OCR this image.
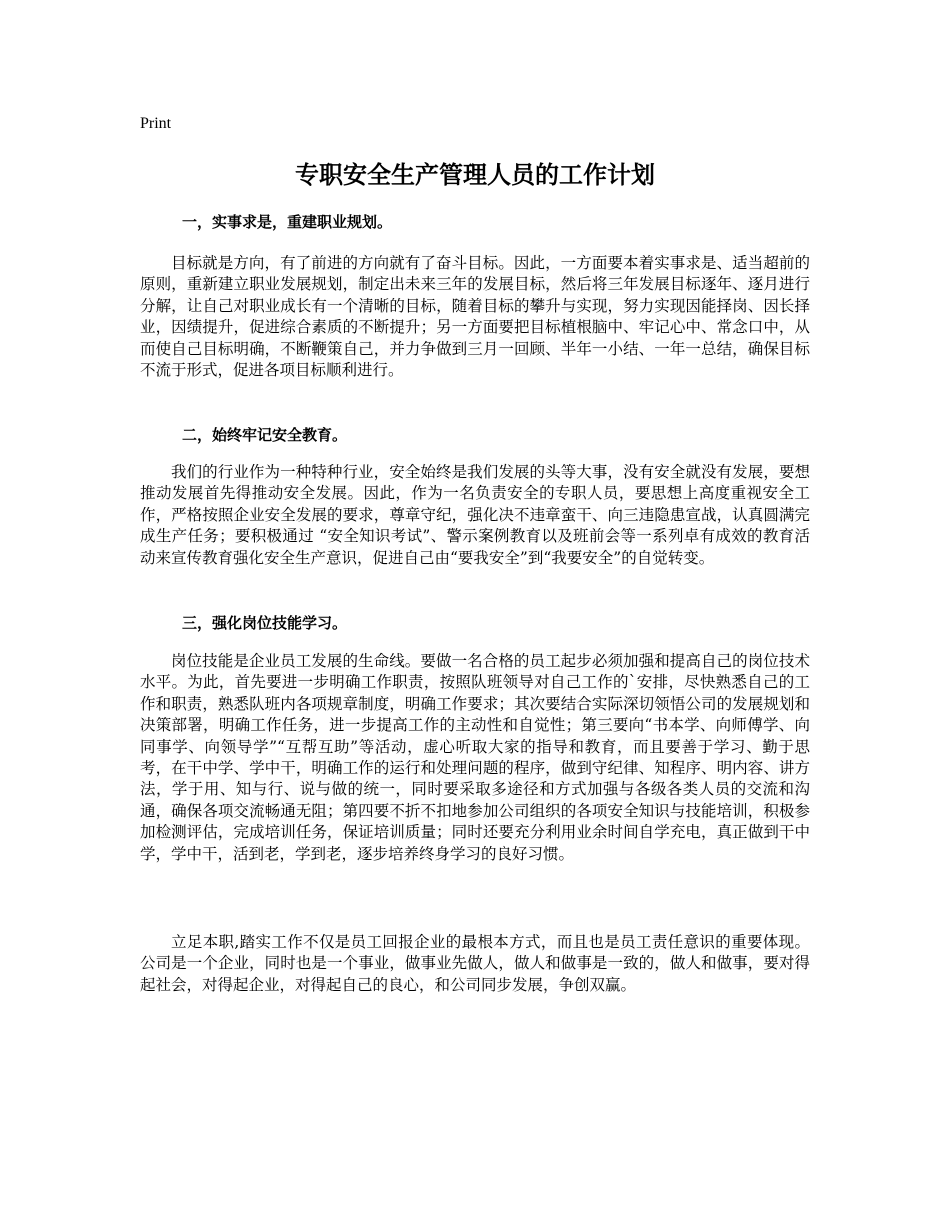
Print
专职安全生产管理人员的工作计划
一，实事求是，重建职业规划。

目标就是方向，有了前进的方向就有了奋斗目标。因此，一方面要本着实事求是、适当超前的原则，重新建立职业发展规划，制定出未来三年的发展目标，然后将三年发展目标逐年、逐月进行分解，让自己对职业成长有一个清晰的目标，随着目标的攀升与实现，努力实现因能择岗、因长择业，因绩提升，促进综合素质的不断提升；另一方面要把目标植根脑中、牢记心中、常念口中，从而使自己目标明确，不断鞭策自己，并力争做到三月一回顾、半年一小结、一年一总结，确保目标不流于形式，促进各项目标顺利进行。

二，始终牢记安全教育。

我们的行业作为一种特种行业，安全始终是我们发展的头等大事，没有安全就没有发展，要想推动发展首先得推动安全发展。因此，作为一名负责安全的专职人员，要思想上高度重视安全工作，严格按照企业安全发展的要求，尊章守纪，强化决不违章蛮干、向三违隐患宣战，认真圆满完成生产任务；要积极通过 “安全知识考试”、警示案例教育以及班前会等一系列卓有成效的教育活动来宣传教育强化安全生产意识，促进自己由“要我安全”到“我要安全”的自觉转变。

三，强化岗位技能学习。

岗位技能是企业员工发展的生命线。要做一名合格的员工起步必须加强和提高自己的岗位技术水平。为此，首先要进一步明确工作职责，按照队班领导对自己工作的`安排，尽快熟悉自己的工作和职责，熟悉队班内各项规章制度，明确工作要求；其次要结合实际深切领悟公司的发展规划和决策部署，明确工作任务，进一步提高工作的主动性和自觉性；第三要向“书本学、向师傅学、向同事学、向领导学”“互帮互助”等活动，虚心听取大家的指导和教育，而且要善于学习、勤于思考，在干中学、学中干，明确工作的运行和处理问题的程序，做到守纪律、知程序、明内容、讲方法，学于用、知与行、说与做的统一，同时要采取多途径和方式加强与各级各类人员的交流和沟通，确保各项交流畅通无阻；第四要不折不扣地参加公司组织的各项安全知识与技能培训，积极参加检测评估，完成培训任务，保证培训质量；同时还要充分利用业余时间自学充电，真正做到干中学，学中干，活到老，学到老，逐步培养终身学习的良好习惯。

立足本职,踏实工作不仅是员工回报企业的最根本方式，而且也是员工责任意识的重要体现。公司是一个企业，同时也是一个事业，做事业先做人，做人和做事是一致的，做人和做事，要对得起社会，对得起企业，对得起自己的良心，和公司同步发展，争创双赢。
